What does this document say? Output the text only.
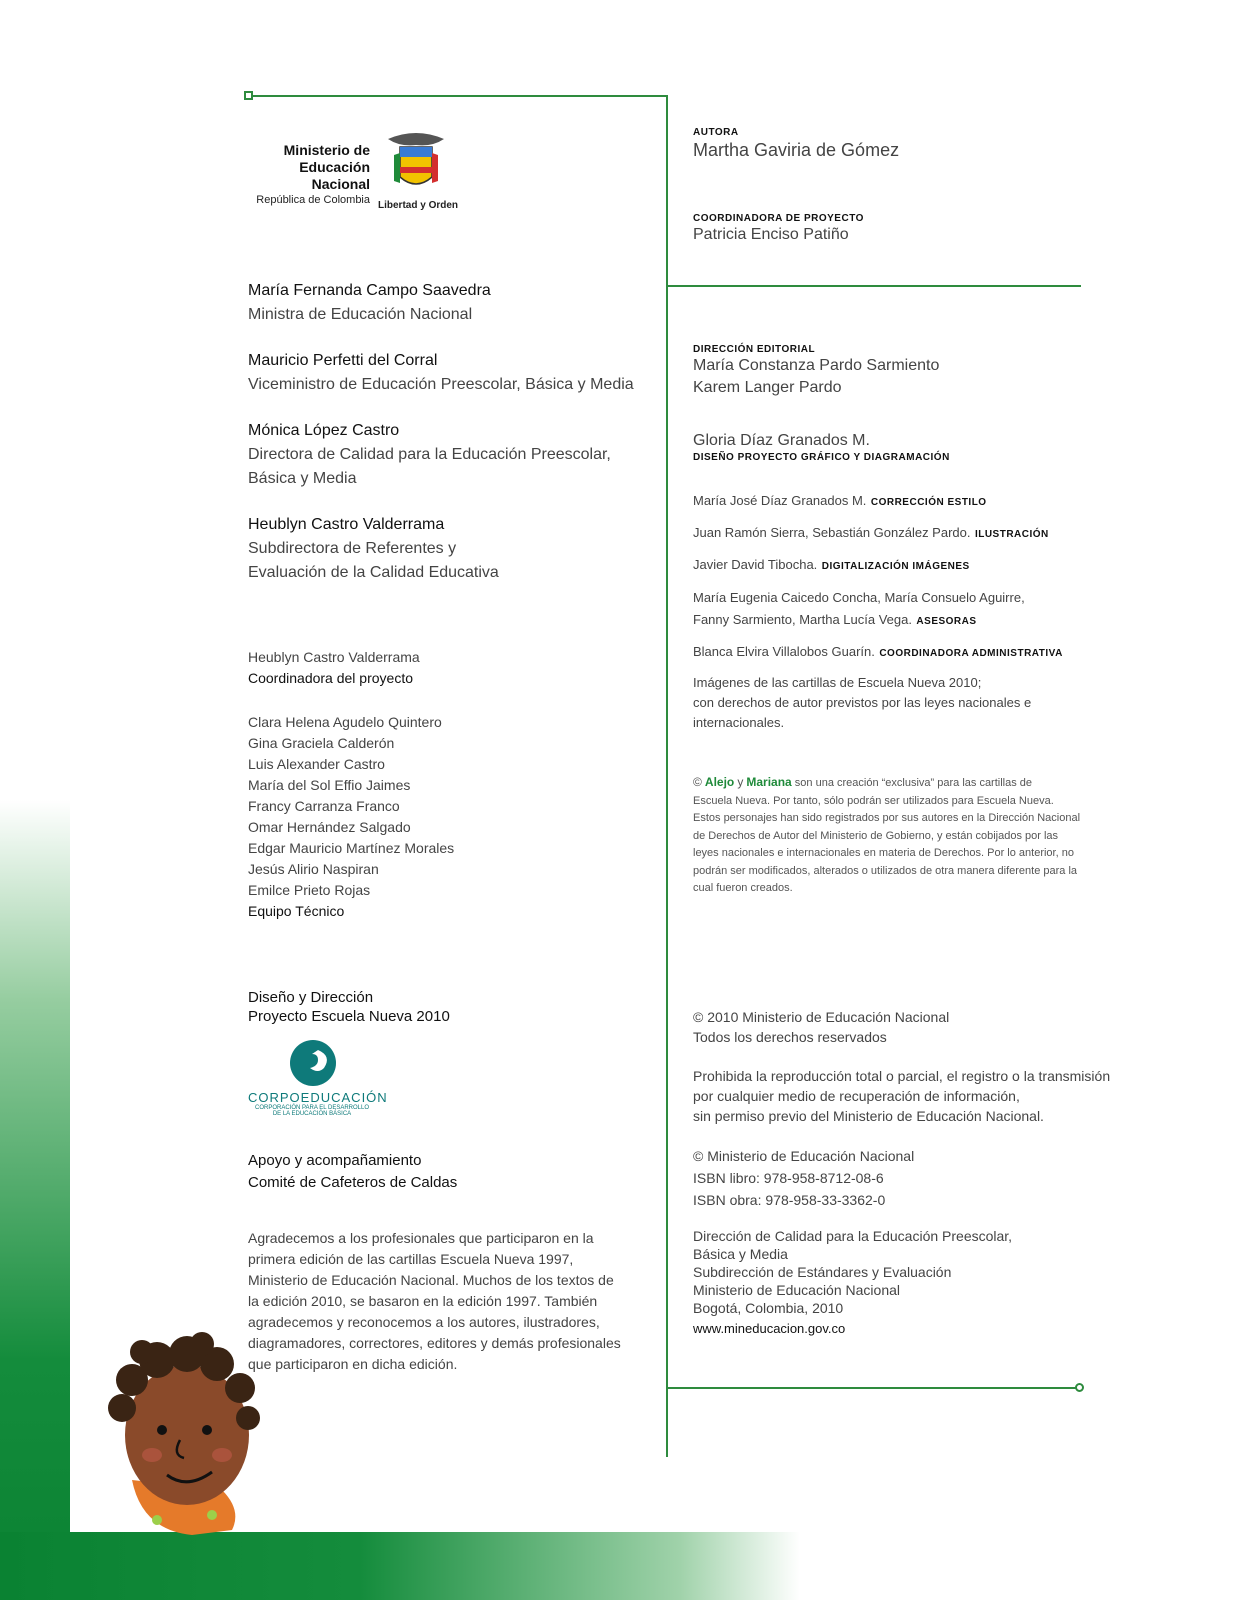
Ministerio de
Educación Nacional
República de Colombia Libertad y Orden
María Fernanda Campo Saavedra
Ministra de Educación Nacional
Mauricio Perfetti del Corral
Viceministro de Educación Preescolar, Básica y Media
Mónica López Castro
Directora de Calidad para la Educación Preescolar,
Básica y Media
Heublyn Castro Valderrama
Subdirectora de Referentes y
Evaluación de la Calidad Educativa
Heublyn Castro Valderrama
Coordinadora del proyecto
Clara Helena Agudelo Quintero
Gina Graciela Calderón
Luis Alexander Castro
María del Sol Effio Jaimes
Francy Carranza Franco
Omar Hernández Salgado
Edgar Mauricio Martínez Morales
Jesús Alirio Naspiran
Emilce Prieto Rojas
Equipo Técnico
Diseño y Dirección
Proyecto Escuela Nueva 2010
CORPOEDUCACIÓN
CORPORACIÓN PARA EL DESARROLLO
DE LA EDUCACIÓN BÁSICA
Apoyo y acompañamiento
Comité de Cafeteros de Caldas
Agradecemos a los profesionales que participaron en la
primera edición de las cartillas Escuela Nueva 1997,
Ministerio de Educación Nacional. Muchos de los textos de
la edición 2010, se basaron en la edición 1997. También
agradecemos y reconocemos a los autores, ilustradores,
diagramadores, correctores, editores y demás profesionales
que participaron en dicha edición.
AUTORA
Martha Gaviria de Gómez
COORDINADORA DE PROYECTO
Patricia Enciso Patiño
DIRECCIÓN EDITORIAL
María Constanza Pardo Sarmiento
Karem Langer Pardo
Gloria Díaz Granados M.
DISEÑO PROYECTO GRÁFICO Y DIAGRAMACIÓN
María José Díaz Granados M. CORRECCIÓN ESTILO
Juan Ramón Sierra, Sebastián González Pardo. ILUSTRACIÓN
Javier David Tibocha. DIGITALIZACIÓN IMÁGENES
María Eugenia Caicedo Concha, María Consuelo Aguirre,
Fanny Sarmiento, Martha Lucía Vega. ASESORAS
Blanca Elvira Villalobos Guarín. COORDINADORA ADMINISTRATIVA
Imágenes de las cartillas de Escuela Nueva 2010;
con derechos de autor previstos por las leyes nacionales e
internacionales.
© Alejo y Mariana son una creación “exclusiva” para las cartillas de
Escuela Nueva. Por tanto, sólo podrán ser utilizados para Escuela Nueva.
Estos personajes han sido registrados por sus autores en la Dirección Nacional
de Derechos de Autor del Ministerio de Gobierno, y están cobijados por las
leyes nacionales e internacionales en materia de Derechos. Por lo anterior, no
podrán ser modificados, alterados o utilizados de otra manera diferente para la
cual fueron creados.
© 2010 Ministerio de Educación Nacional
Todos los derechos reservados
Prohibida la reproducción total o parcial, el registro o la transmisión
por cualquier medio de recuperación de información,
sin permiso previo del Ministerio de Educación Nacional.
© Ministerio de Educación Nacional
ISBN libro: 978-958-8712-08-6
ISBN obra: 978-958-33-3362-0
Dirección de Calidad para la Educación Preescolar,
Básica y Media
Subdirección de Estándares y Evaluación
Ministerio de Educación Nacional
Bogotá, Colombia, 2010
www.mineducacion.gov.co
